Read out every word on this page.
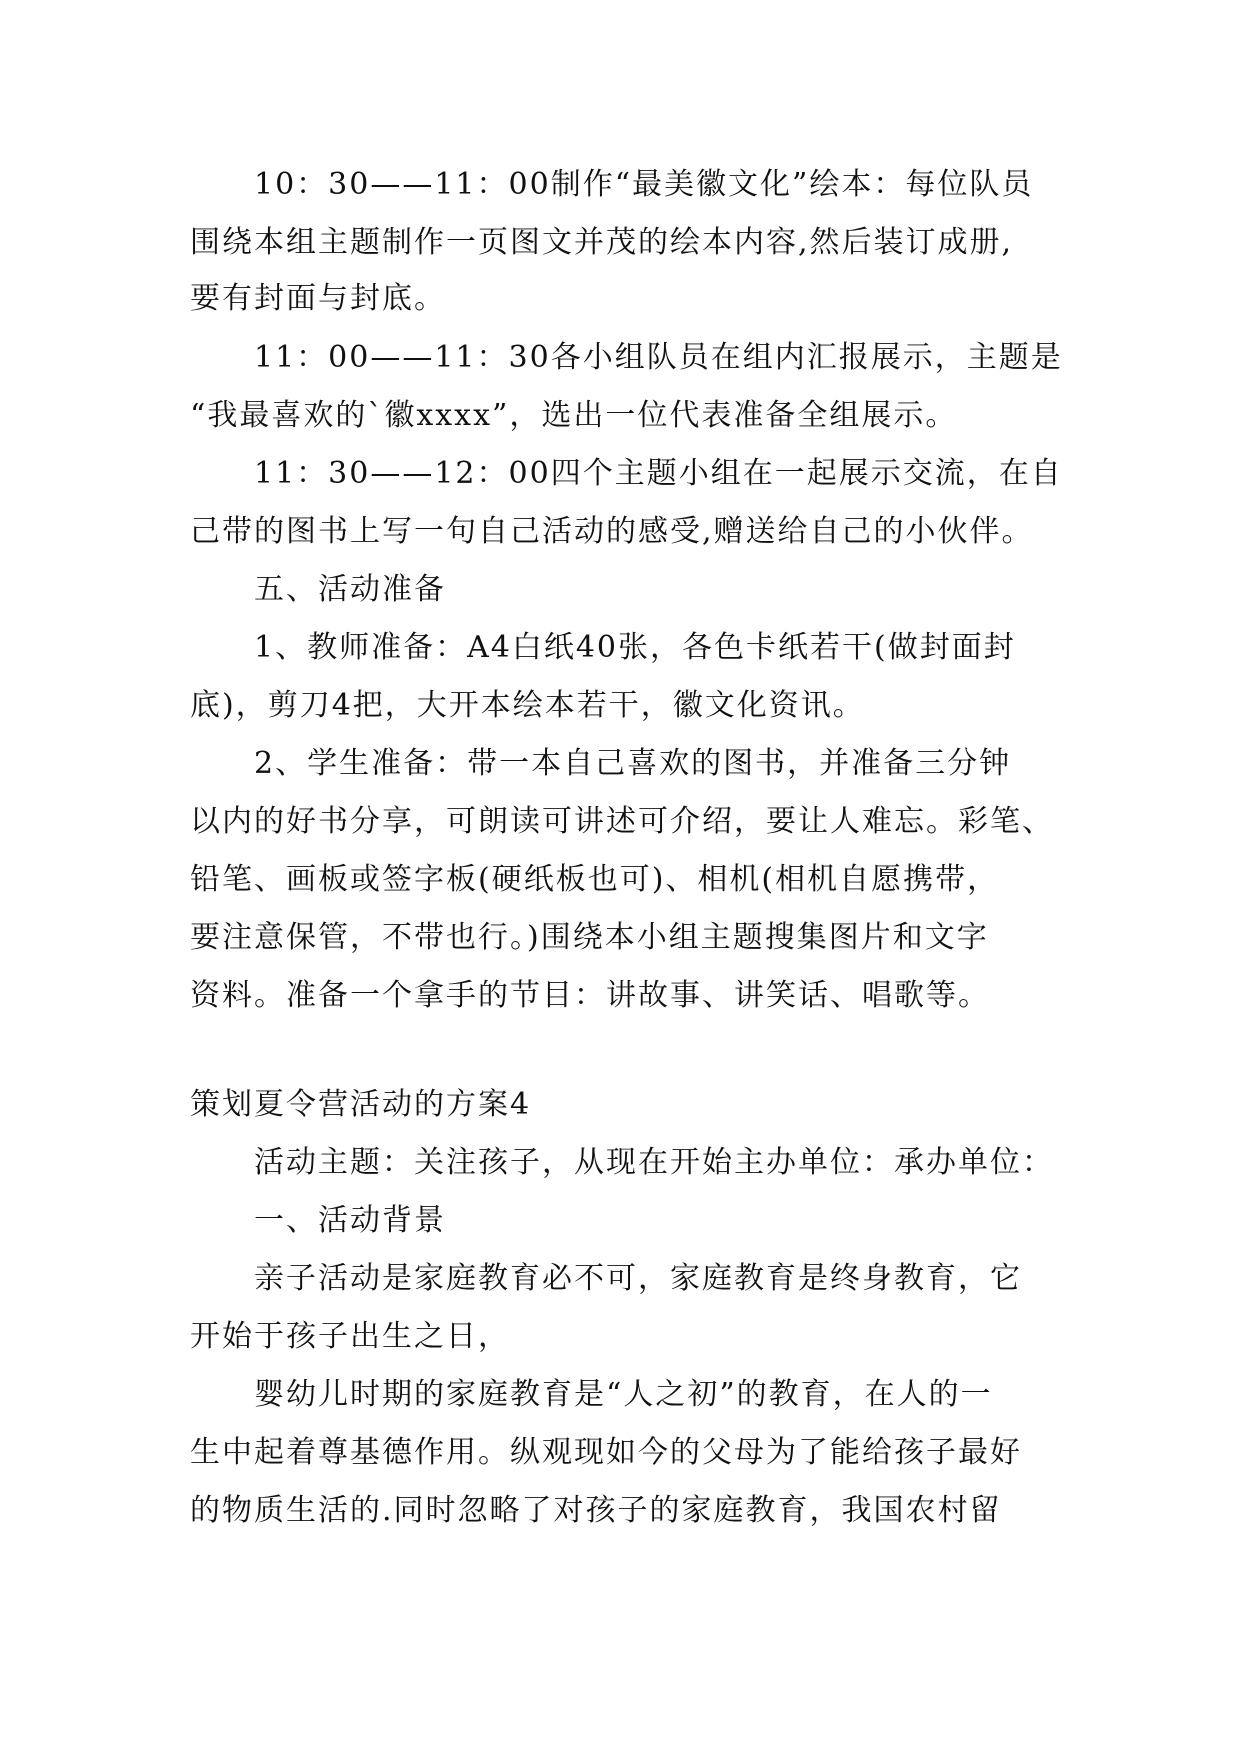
10：30——11：00制作“最美徽文化”绘本：每位队员
围绕本组主题制作一页图文并茂的绘本内容,然后装订成册,
要有封面与封底。
11：00——11：30各小组队员在组内汇报展示，主题是
“我最喜欢的`徽xxxx”，选出一位代表准备全组展示。
11：30——12：00四个主题小组在一起展示交流，在自
己带的图书上写一句自己活动的感受,赠送给自己的小伙伴。
五、活动准备
1、教师准备：A4白纸40张，各色卡纸若干(做封面封
底)，剪刀4把，大开本绘本若干，徽文化资讯。
2、学生准备：带一本自己喜欢的图书，并准备三分钟
以内的好书分享，可朗读可讲述可介绍，要让人难忘。彩笔、
铅笔、画板或签字板(硬纸板也可)、相机(相机自愿携带，
要注意保管，不带也行。)围绕本小组主题搜集图片和文字
资料。准备一个拿手的节目：讲故事、讲笑话、唱歌等。
策划夏令营活动的方案4
活动主题：关注孩子，从现在开始主办单位：承办单位：
一、活动背景
亲子活动是家庭教育必不可，家庭教育是终身教育，它
开始于孩子出生之日，
婴幼儿时期的家庭教育是“人之初”的教育，在人的一
生中起着尊基德作用。纵观现如今的父母为了能给孩子最好
的物质生活的.同时忽略了对孩子的家庭教育，我国农村留
